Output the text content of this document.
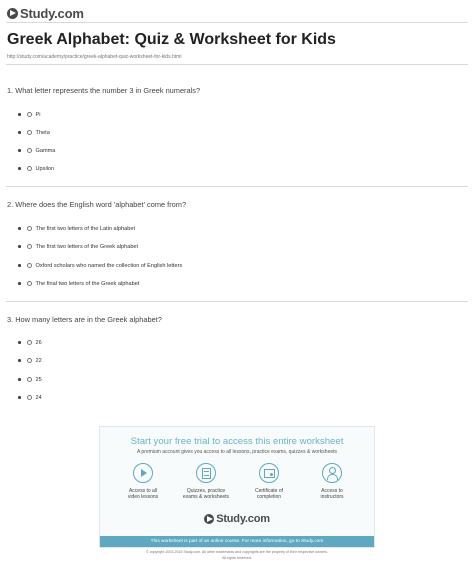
Study.com
Greek Alphabet: Quiz & Worksheet for Kids
http://study.com/academy/practice/greek-alphabet-quiz-worksheet-for-kids.html
1. What letter represents the number 3 in Greek numerals?
Pi
Theta
Gamma
Upsilon
2. Where does the English word 'alphabet' come from?
The first two letters of the Latin alphabet
The first two letters of the Greek alphabet
Oxford scholars who named the collection of English letters
The final two letters of the Greek alphabet
3. How many letters are in the Greek alphabet?
26
22
25
24
Start your free trial to access this entire worksheet
A premium account gives you access to all lessons, practice exams, quizzes & worksheets
Access to all
video lessons
Quizzes, practice
exams & worksheets
Certificate of
completion
Access to
instructors
Study.com
This worksheet is part of an online course. For more information, go to Study.com
© copyright 2003-2015 Study.com. All other trademarks and copyrights are the property of their respective owners.
All rights reserved.
